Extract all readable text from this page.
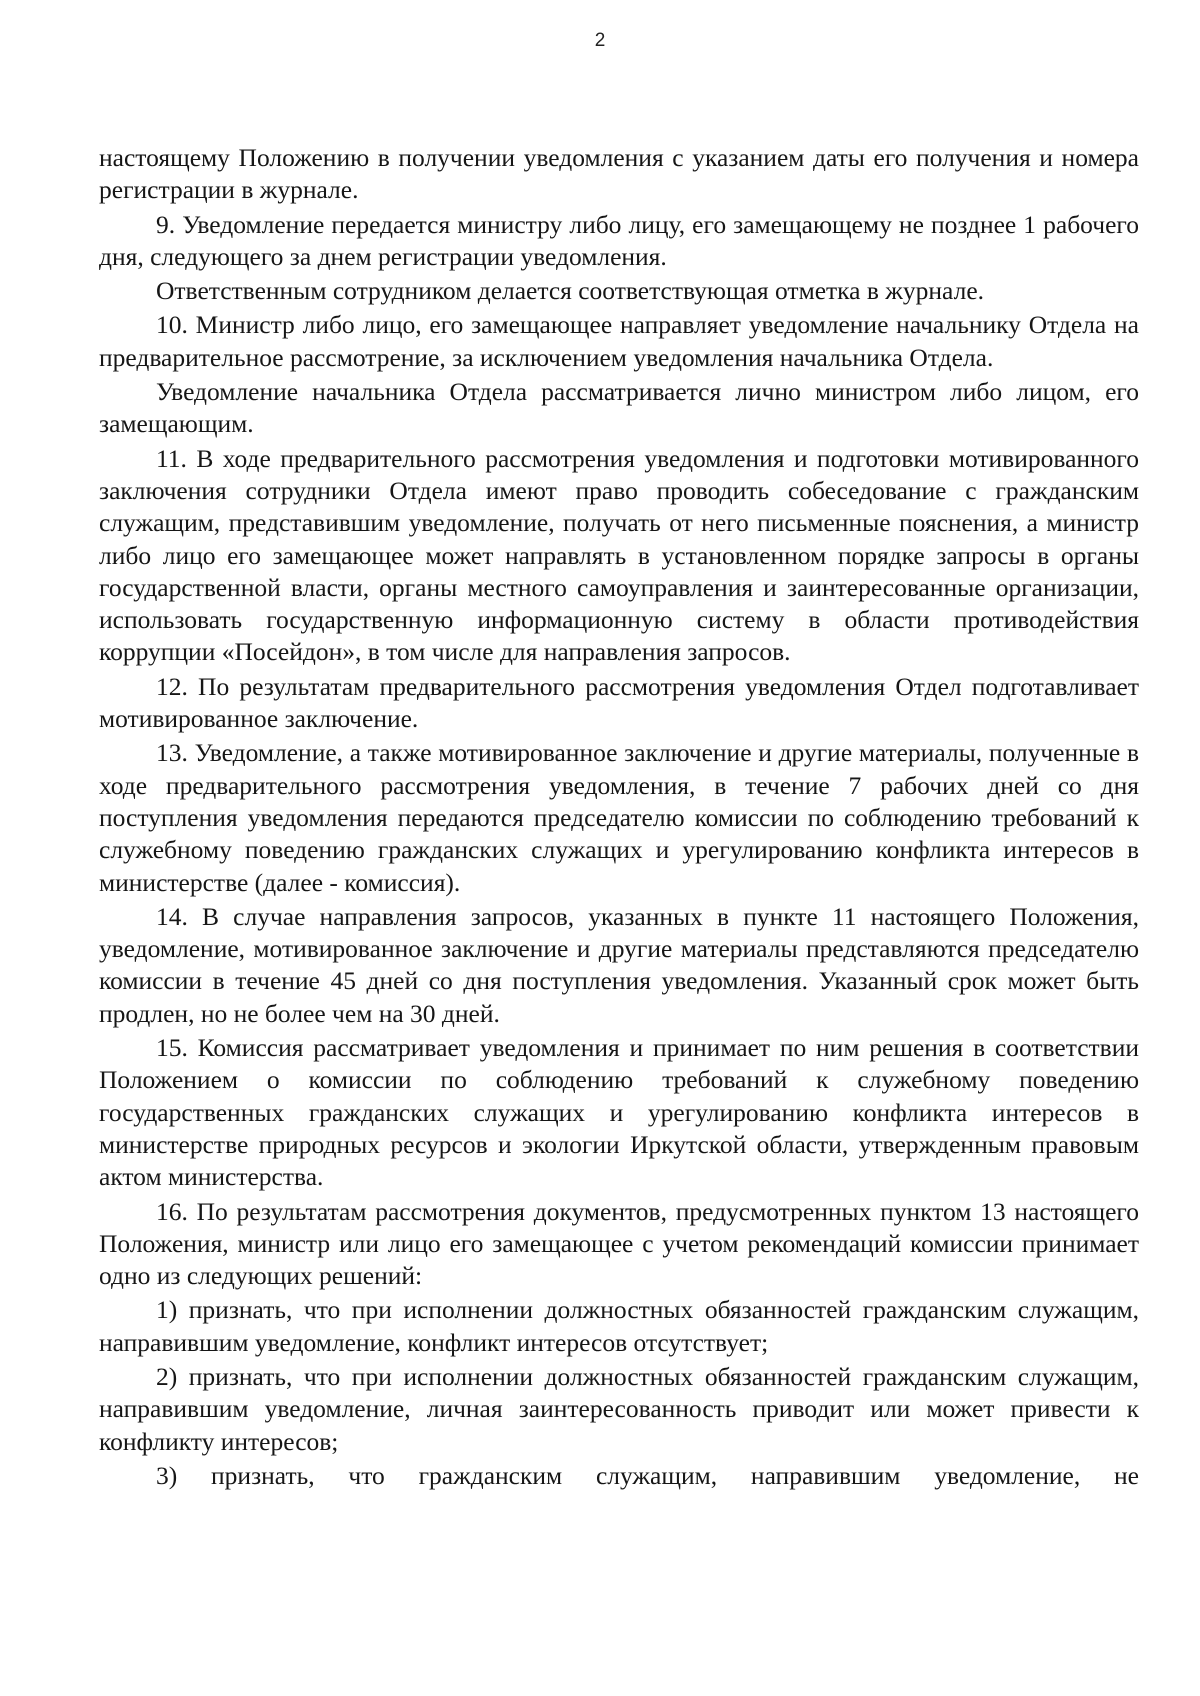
2

настоящему Положению в получении уведомления с указанием даты его получения и номера регистрации в журнале.

9. Уведомление передается министру либо лицу, его замещающему не позднее 1 рабочего дня, следующего за днем регистрации уведомления.

Ответственным сотрудником делается соответствующая отметка в журнале.

10. Министр либо лицо, его замещающее направляет уведомление начальнику Отдела на предварительное рассмотрение, за исключением уведомления начальника Отдела.

Уведомление начальника Отдела рассматривается лично министром либо лицом, его замещающим.

11. В ходе предварительного рассмотрения уведомления и подготовки мотивированного заключения сотрудники Отдела имеют право проводить собеседование с гражданским служащим, представившим уведомление, получать от него письменные пояснения, а министр либо лицо его замещающее может направлять в установленном порядке запросы в органы государственной власти, органы местного самоуправления и заинтересованные организации, использовать государственную информационную систему в области противодействия коррупции «Посейдон», в том числе для направления запросов.

12. По результатам предварительного рассмотрения уведомления Отдел подготавливает мотивированное заключение.

13. Уведомление, а также мотивированное заключение и другие материалы, полученные в ходе предварительного рассмотрения уведомления, в течение 7 рабочих дней со дня поступления уведомления передаются председателю комиссии по соблюдению требований к служебному поведению гражданских служащих и урегулированию конфликта интересов в министерстве (далее - комиссия).

14. В случае направления запросов, указанных в пункте 11 настоящего Положения, уведомление, мотивированное заключение и другие материалы представляются председателю комиссии в течение 45 дней со дня поступления уведомления. Указанный срок может быть продлен, но не более чем на 30 дней.

15. Комиссия рассматривает уведомления и принимает по ним решения в соответствии Положением о комиссии по соблюдению требований к служебному поведению государственных гражданских служащих и урегулированию конфликта интересов в министерстве природных ресурсов и экологии Иркутской области, утвержденным правовым актом министерства.

16. По результатам рассмотрения документов, предусмотренных пунктом 13 настоящего Положения, министр или лицо его замещающее с учетом рекомендаций комиссии принимает одно из следующих решений:

1) признать, что при исполнении должностных обязанностей гражданским служащим, направившим уведомление, конфликт интересов отсутствует;

2) признать, что при исполнении должностных обязанностей гражданским служащим, направившим уведомление, личная заинтересованность приводит или может привести к конфликту интересов;

3) признать, что гражданским служащим, направившим уведомление, не
